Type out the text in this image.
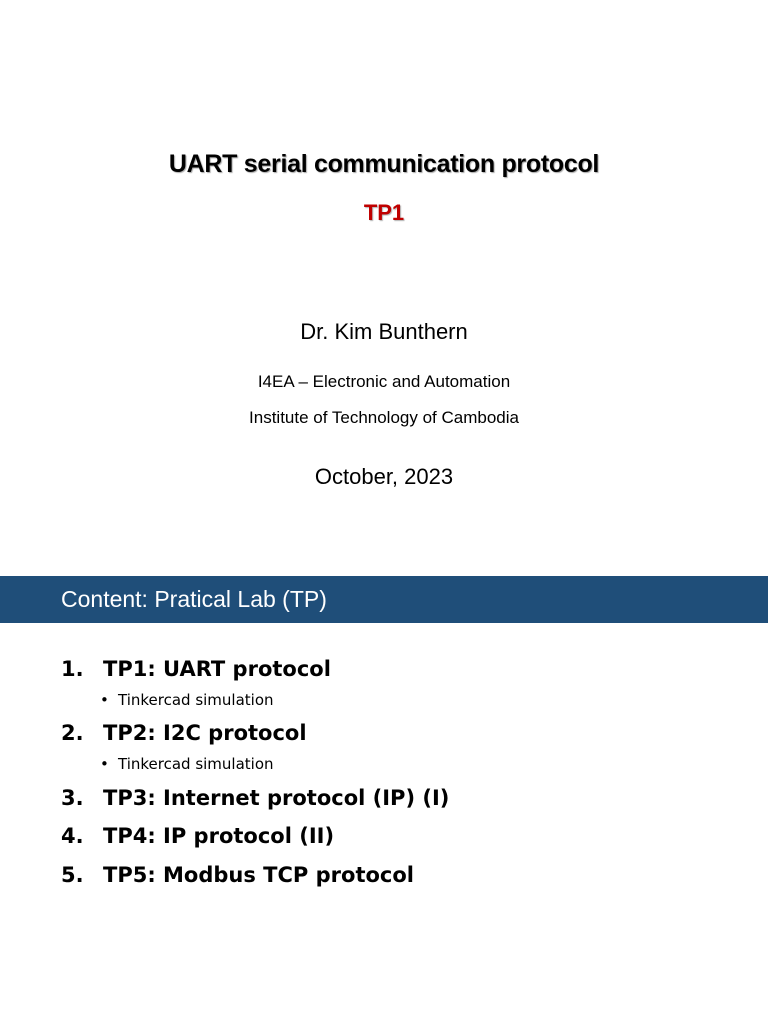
UART serial communication protocol
TP1
Dr. Kim Bunthern
I4EA – Electronic and Automation
Institute of Technology of Cambodia
October, 2023
Content: Pratical Lab (TP)
1. TP1: UART protocol
• Tinkercad simulation
2. TP2: I2C protocol
• Tinkercad simulation
3. TP3: Internet protocol (IP) (I)
4. TP4: IP protocol (II)
5. TP5: Modbus TCP protocol
